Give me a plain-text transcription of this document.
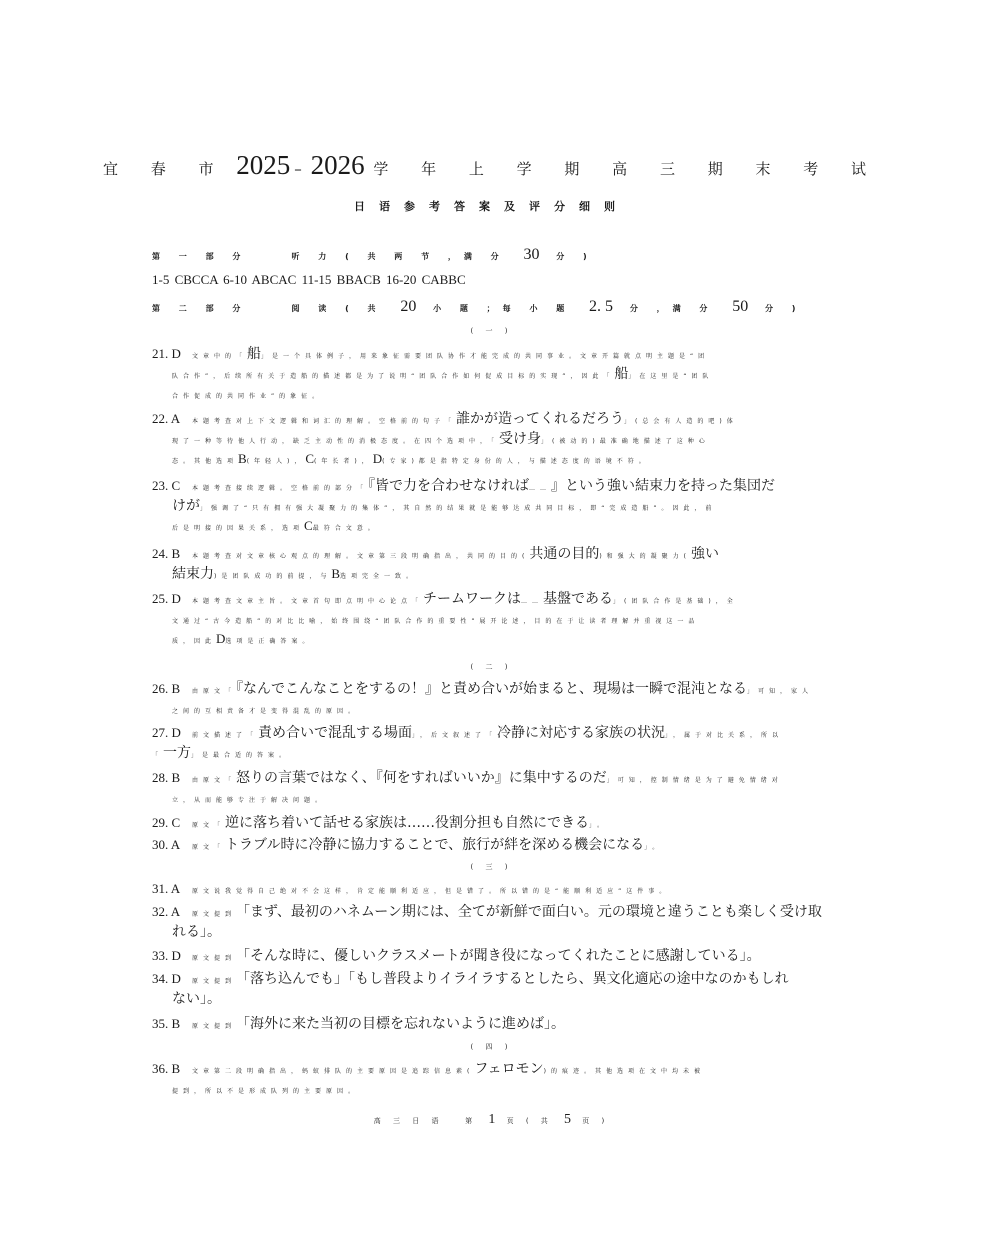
宜 春 市 2025 – 2026 学 年 上 学 期 高 三 期 末 考 试
日语参考答案及评分细则
第 一 部 分	听 力 ( 共 两 节 ，满 分 30 分 )
1-5 CBCCA 6-10 ABCAC 11-15 BBACB 16-20 CABBC
第 二 部 分	阅 读 ( 共 20 小 题 ；每 小 题 2. 5 分 ，满 分 50 分 )
( 一 )
21. D 文章中的「船」是一个具体例子，用来象征需要团队协作才能完成的共同事业。文章开篇就点明主题是“团
队合作”，后续所有关于造船的描述都是为了说明“团队合作如何促成目标的实现”，因此「船」在这里是“团队
合作促成的共同作业”的象征。
22. A 本题考查对上下文逻辑和词汇的理解。空格前的句子「誰かが造ってくれるだろう」(总会有人造的吧)体
现了一种等待他人行动，缺乏主动性的消极态度。在四个选项中，「受け身」(被动的)最准确地描述了这种心
态。其他选项B(年轻人)，C(年长者)，D(专家)都是指特定身份的人，与描述态度的语境不符。
23. C 本题考查接续逻辑。空格前的部分「『皆で力を合わせなければ……』という強い結束力を持った集団だ
けが」强调了“只有拥有强大凝聚力的集体”，其自然的结果就是能够达成共同目标，即“完成造船”。因此，前
后是明接的因果关系，选项C最符合文意。
24. B 本题考查对文章核心观点的理解。文章第三段明确指出，共同的目的(共通の目的)和强大的凝聚力(強い
結束力)是团队成功的前提，与B选项完全一致。
25. D 本题考查文章主旨。文章首句即点明中心论点「チームワークは……基盤である」(团队合作是基础)，全
文通过“古今造船”的对比比喻，始终围绕“团队合作的重要性”展开论述，目的在于让读者理解并重视这一品
质，因此D选项是正确答案。
( 二 )
26. B 由原文「『なんでこんなことをするの！』と責め合いが始まると、現場は一瞬で混沌となる」可知，家人
之间的互相责备才是变得混乱的原因。
27. D 前文描述了「責め合いで混乱する場面」，后文叙述了「冷静に対応する家族の状況」，属于对比关系，所以
「一方」是最合适的答案。
28. B 由原文「怒りの言葉ではなく、『何をすればいいか』に集中するのだ」可知，控制情绪是为了避免情绪对
立，从而能够专注于解决问题。
29. C 原文「逆に落ち着いて話せる家族は……役割分担も自然にできる」。
30. A 原文「トラブル時に冷静に協力することで、旅行が絆を深める機会になる」。
( 三 )
31. A 原文说我觉得自己绝对不会这样，肯定能顺利适应，但是错了。所以错的是“能顺利适应”这件事。
32. A 原文提到「まず、最初のハネムーン期には、全てが新鮮で面白い。元の環境と違うことも楽しく受け取
れる」。
33. D 原文提到「そんな時に、優しいクラスメートが聞き役になってくれたことに感謝している」。
34. D 原文提到「落ち込んでも」「もし普段よりイライラするとしたら、異文化適応の途中なのかもしれ
ない」。
35. B 原文提到「海外に来た当初の目標を忘れないように進めば」。
( 四 )
36. B 文章第二段明确指出，蚂蚁排队的主要原因是追踪信息素(フェロモン)的痕迹。其他选项在文中均未被
提到，所以不是形成队列的主要原因。
高 三 日 语	第 1 页 ( 共 5 页 )
